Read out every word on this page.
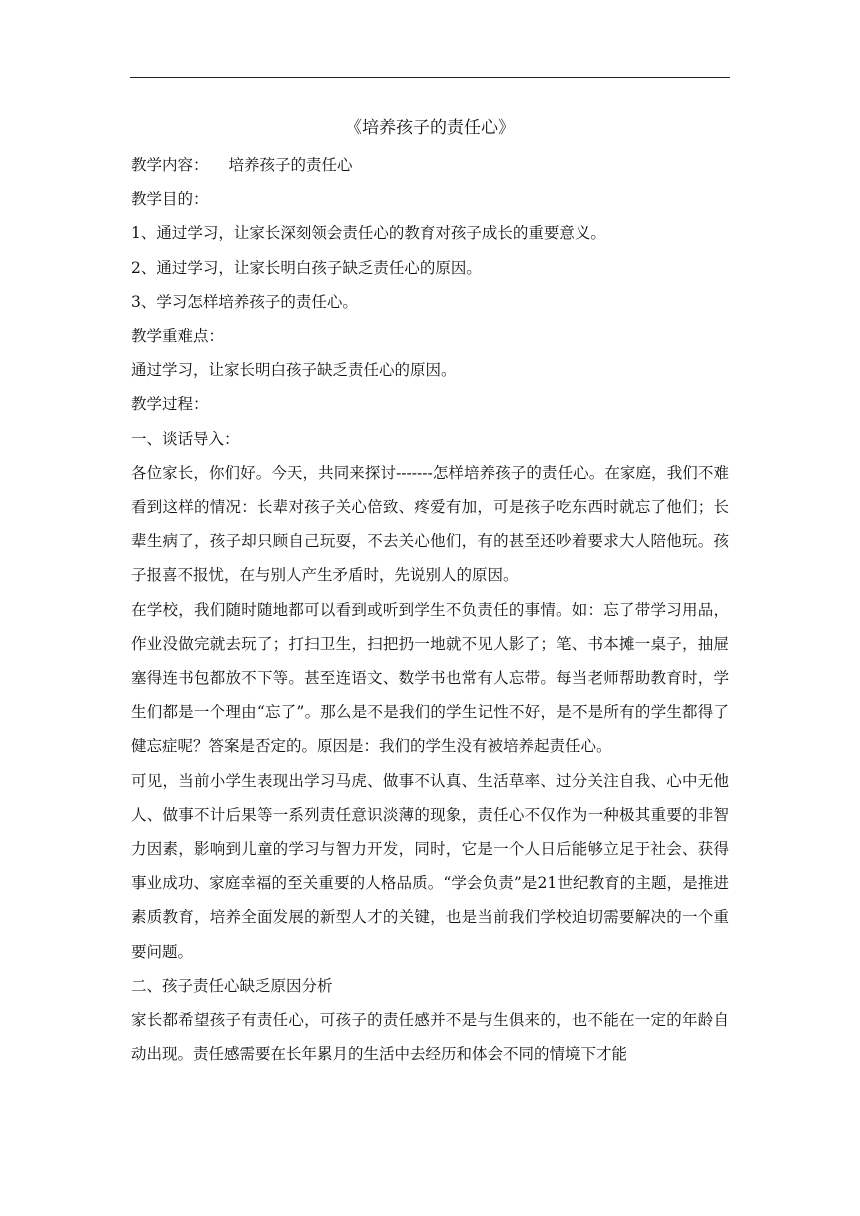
《培养孩子的责任心》
教学内容： 培养孩子的责任心
教学目的：
1、通过学习，让家长深刻领会责任心的教育对孩子成长的重要意义。
2、通过学习，让家长明白孩子缺乏责任心的原因。
3、学习怎样培养孩子的责任心。
教学重难点：
通过学习，让家长明白孩子缺乏责任心的原因。
教学过程：
一、谈话导入：
各位家长，你们好。今天，共同来探讨-------怎样培养孩子的责任心。在家庭，我们不难看到这样的情况：长辈对孩子关心倍致、疼爱有加，可是孩子吃东西时就忘了他们；长辈生病了，孩子却只顾自己玩耍，不去关心他们，有的甚至还吵着要求大人陪他玩。孩子报喜不报忧，在与别人产生矛盾时，先说别人的原因。
在学校，我们随时随地都可以看到或听到学生不负责任的事情。如：忘了带学习用品，作业没做完就去玩了；打扫卫生，扫把扔一地就不见人影了；笔、书本摊一桌子，抽屉塞得连书包都放不下等。甚至连语文、数学书也常有人忘带。每当老师帮助教育时，学生们都是一个理由“忘了”。那么是不是我们的学生记性不好，是不是所有的学生都得了健忘症呢？答案是否定的。原因是：我们的学生没有被培养起责任心。
可见，当前小学生表现出学习马虎、做事不认真、生活草率、过分关注自我、心中无他人、做事不计后果等一系列责任意识淡薄的现象，责任心不仅作为一种极其重要的非智力因素，影响到儿童的学习与智力开发，同时，它是一个人日后能够立足于社会、获得事业成功、家庭幸福的至关重要的人格品质。“学会负责”是21世纪教育的主题，是推进素质教育，培养全面发展的新型人才的关键，也是当前我们学校迫切需要解决的一个重要问题。
二、孩子责任心缺乏原因分析
家长都希望孩子有责任心，可孩子的责任感并不是与生俱来的，也不能在一定的年龄自动出现。责任感需要在长年累月的生活中去经历和体会不同的情境下才能
